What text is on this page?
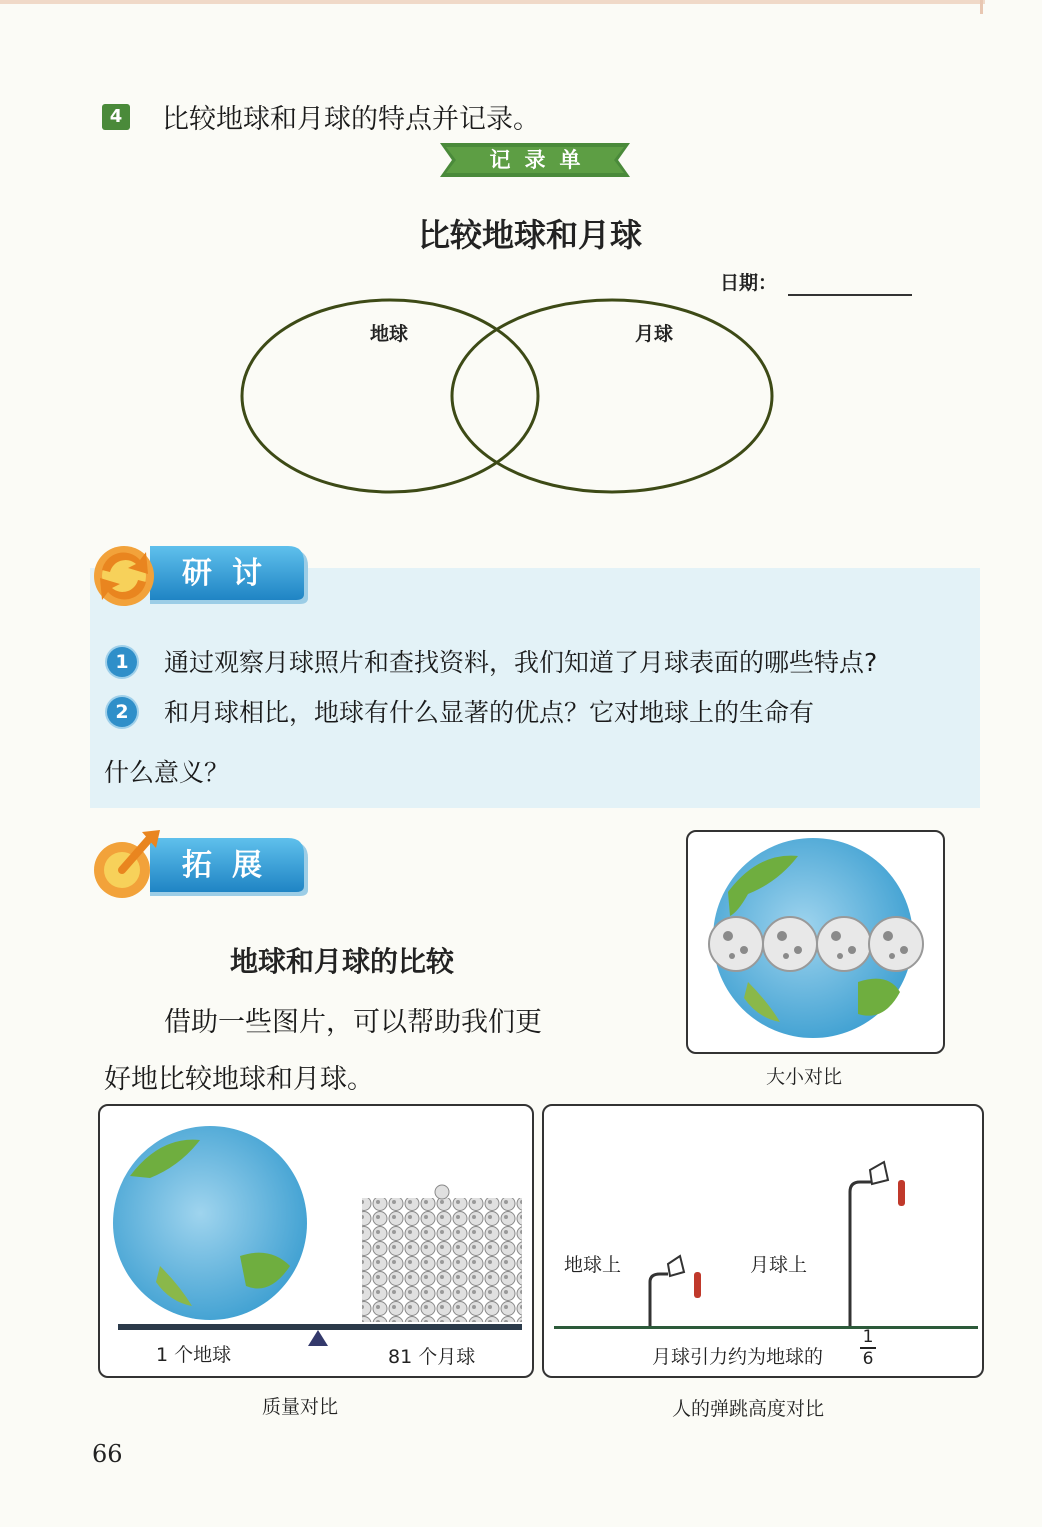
4 比较地球和月球的特点并记录。
记录单
比较地球和月球
日期：
地球	月球
研讨
1	通过观察月球照片和查找资料，我们知道了月球表面的哪些特点?
2	和月球相比，地球有什么显著的优点？它对地球上的生命有
什么意义？
拓展
地球和月球的比较
借助一些图片，可以帮助我们更
好地比较地球和月球。	大小对比
1 个地球	81 个月球
质量对比
地球上	月球上
月球引力约为地球的
1
6
人的弹跳高度对比
66
